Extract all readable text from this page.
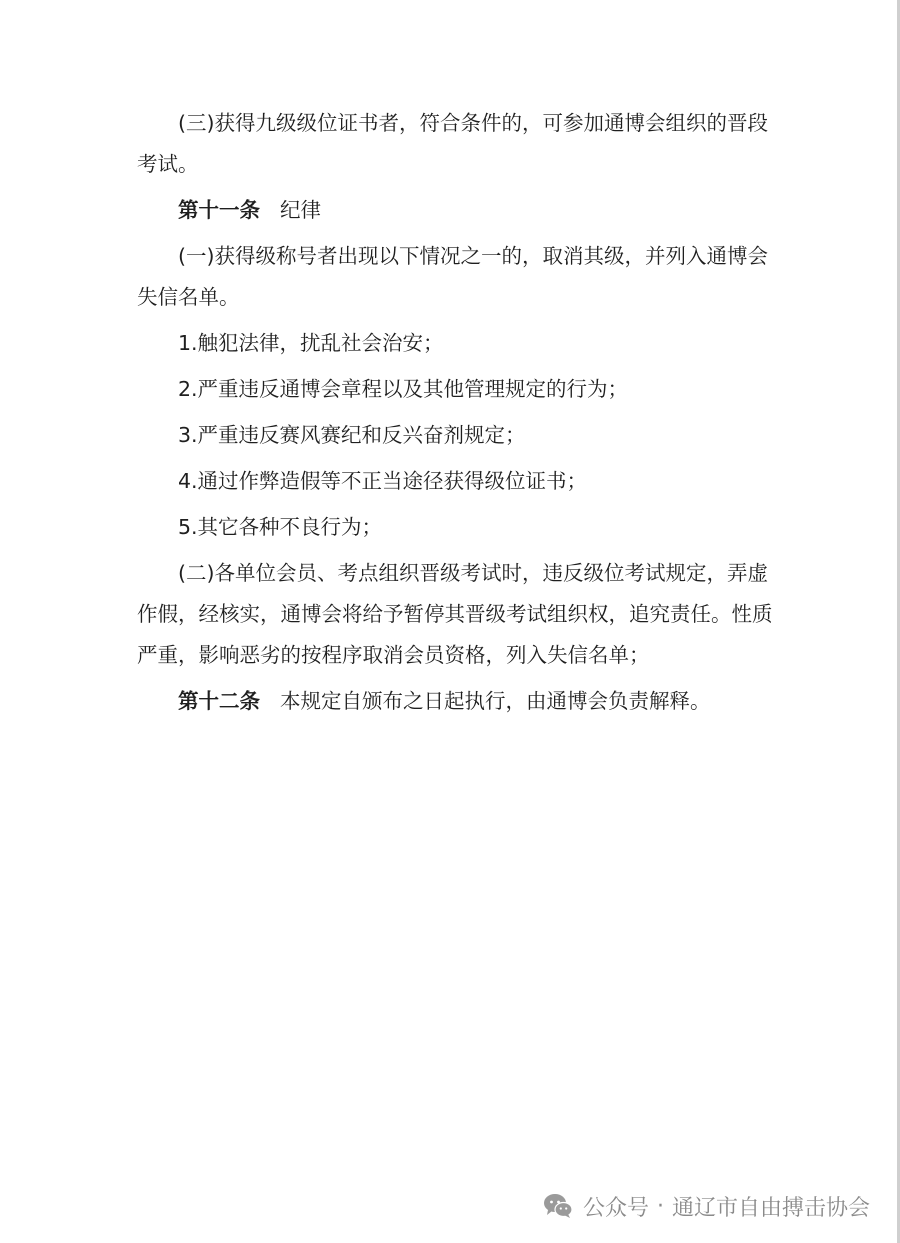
(三)获得九级级位证书者，符合条件的，可参加通博会组织的晋段考试。

第十一条 纪律

(一)获得级称号者出现以下情况之一的，取消其级，并列入通博会失信名单。

1.触犯法律，扰乱社会治安；

2.严重违反通博会章程以及其他管理规定的行为；

3.严重违反赛风赛纪和反兴奋剂规定；

4.通过作弊造假等不正当途径获得级位证书；

5.其它各种不良行为；

(二)各单位会员、考点组织晋级考试时，违反级位考试规定，弄虚作假，经核实，通博会将给予暂停其晋级考试组织权，追究责任。性质严重，影响恶劣的按程序取消会员资格，列入失信名单；

第十二条 本规定自颁布之日起执行，由通博会负责解释。

公众号 · 通辽市自由搏击协会
